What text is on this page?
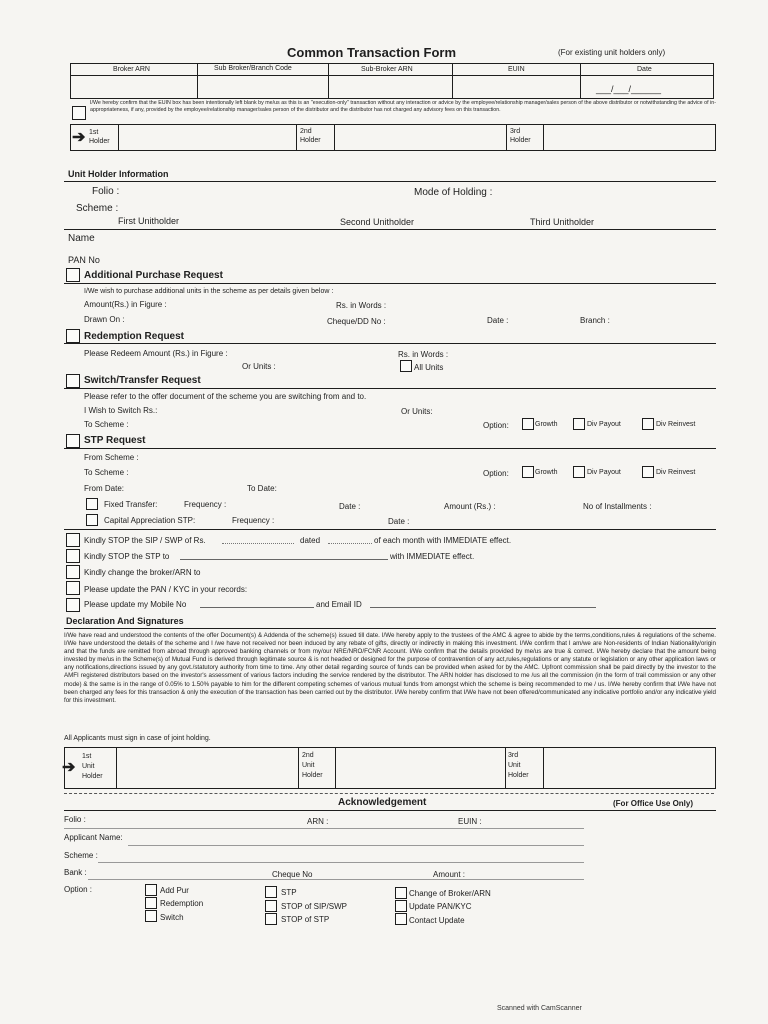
Common Transaction Form	(For existing unit holders only)
Broker ARN	Sub Broker/Branch Code	Sub-Broker ARN	EUIN	Date
___/___/______
I/We hereby confirm that the EUIN box has been intentionally left blank by me/us as this is an "execution-only" transaction without any interaction or advice by the employee/relationship manager/sales person of the above distributor or notwithstanding the advice of in-appropriateness, if any, provided by the employee/relationship manager/sales person of the distributor and the distributor has not charged any advisory fees on this transaction.
➔ 1st
Holder
2nd
Holder
3rd
Holder
Unit Holder Information
Folio :	Mode of Holding :
Scheme :
First Unitholder	Second Unitholder	Third Unitholder
Name
PAN No
Additional Purchase Request
I/We wish to purchase additional units in the scheme as per details given below :
Amount(Rs.) in Figure :	Rs. in Words :
Drawn On :	Cheque/DD No :	Date :	Branch :
Redemption Request
Please Redeem Amount (Rs.) in Figure :	Rs. in Words :
Or Units :	All Units
Switch/Transfer Request
Please refer to the offer document of the scheme you are switching from and to.
I Wish to Switch Rs.:	Or Units:
To Scheme :	Option:	Growth	Div Payout	Div Reinvest
STP Request
From Scheme :
To Scheme :	Option:	Growth	Div Payout	Div Reinvest
From Date:	To Date:
Fixed Transfer:	Frequency :	Date :	Amount (Rs.) :	No of Installments :
Capital Appreciation STP:	Frequency :	Date :
Kindly STOP the SIP / SWP of Rs.	dated	of each month with IMMEDIATE effect.
Kindly STOP the STP to	with IMMEDIATE effect.
Kindly change the broker/ARN to
Please update the PAN / KYC in your records:
Please update my Mobile No	and Email ID
Declaration And Signatures
I/We have read and understood the contents of the offer Document(s) & Addenda of the scheme(s) issued till date. I/We hereby apply to the trustees of the AMC & agree to abide by the terms,conditions,rules & regulations of the scheme. I/We have understood the details of the scheme and I /we have not received nor been induced by any rebate of gifts, directly or indirectly in making this investment. I/We confirm that I am/we are Non-residents of Indian Nationality/origin and that the funds are remitted from abroad through approved banking channels or from my/our NRE/NRO/FCNR Account. I/We confirm that the details provided by me/us are true & correct. I/We hereby declare that the amount being invested by me/us in the Scheme(s) of Mutual Fund is derived through legitimate source & is not headed or designed for the purpose of contravention of any act,rules,regulations or any statute or legislation or any other application laws or any notifications,directions issued by any govt./statutory authority from time to time. Any other detail regarding source of funds can be provided when asked for by the AMC. Upfront commission shall be paid directly by the investor to the AMFI registered distributors based on the investor's assessment of various factors including the service rendered by the distributor. The ARN holder has disclosed to me /us all the commission (in the form of trail commission or any other mode) & the same is in the range of 0.05% to 1.50% payable to him for the different competing schemes of various mutual funds from amongst which the scheme is being recommended to me / us. I/We hereby confirm that I/We have not been charged any fees for this transaction & only the execution of the transaction has been carried out by the distributor. I/We hereby confirm that I/We have not been offered/communicated any indicative portfolio and/or any indicative yield for this investment.
All Applicants must sign in case of joint holding.
➔
1st
Unit
Holder
2nd
Unit
Holder
3rd
Unit
Holder
Acknowledgement	(For Office Use Only)
Folio :	ARN :	EUIN :
Applicant Name:
Scheme :
Bank :	Cheque No	Amount :
Option :	Add Pur
Redemption
Switch
STP
STOP of SIP/SWP
STOP of STP
Change of Broker/ARN
Update PAN/KYC
Contact Update
Scanned with CamScanner
